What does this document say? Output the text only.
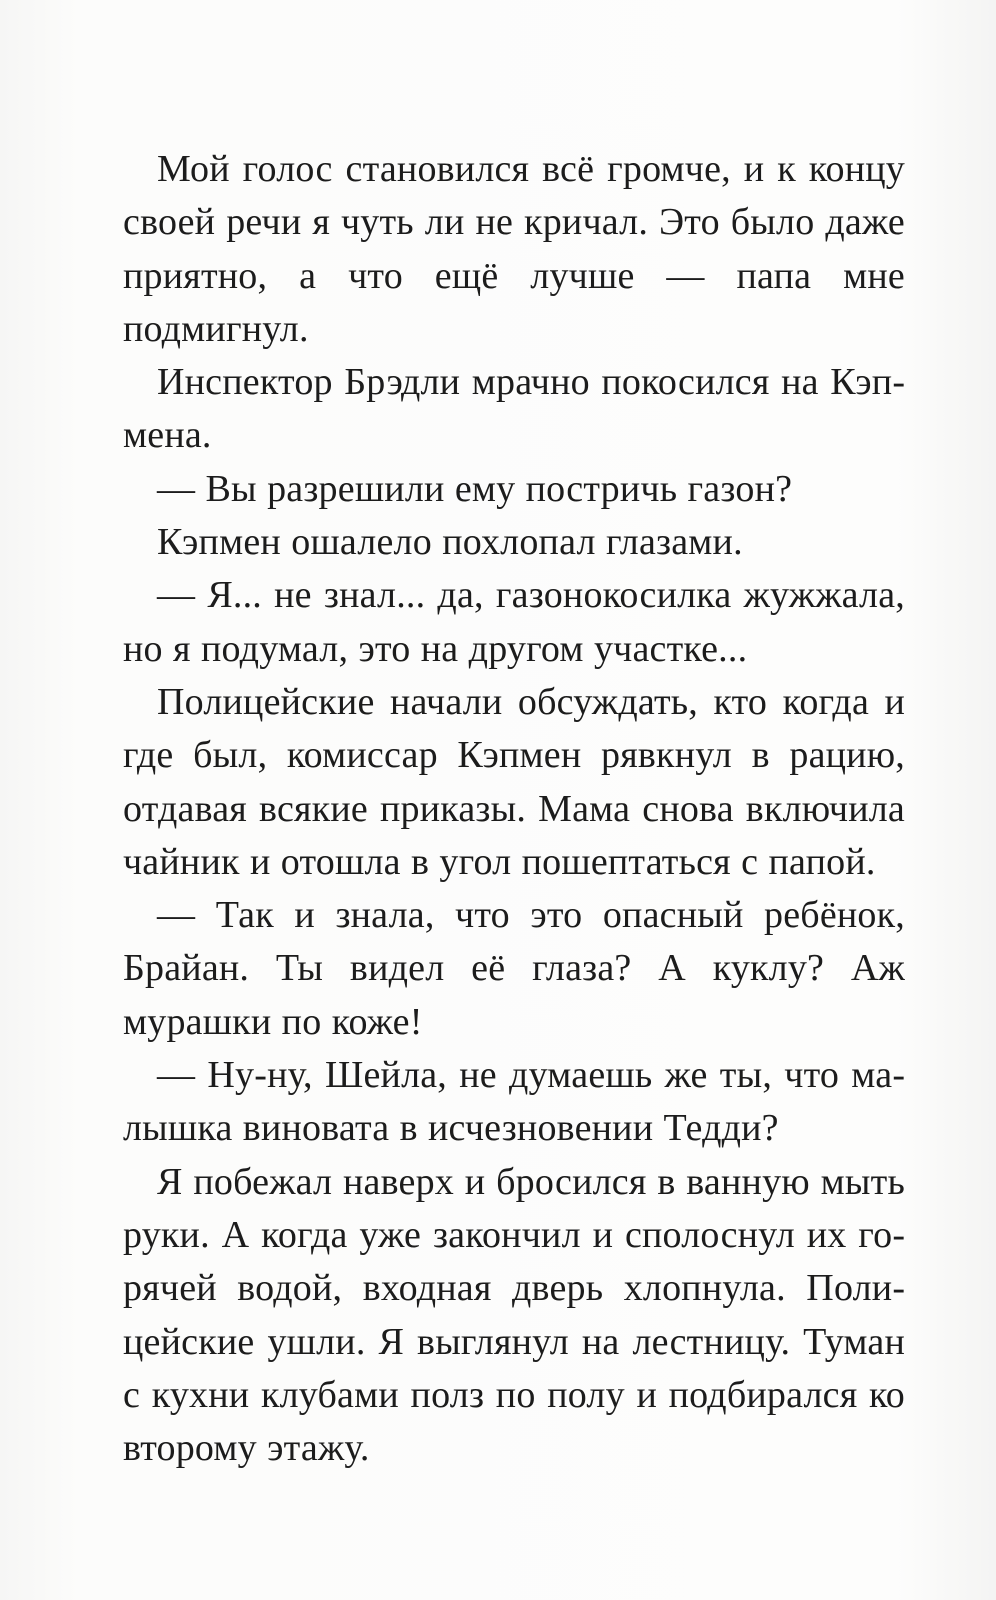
Мой голос становился всё громче, и к концу своей речи я чуть ли не кричал. Это было даже приятно, а что ещё лучше — папа мне подмигнул.

Инспектор Брэдли мрачно покосился на Кэпмена.

— Вы разрешили ему постричь газон?

Кэпмен ошалело похлопал глазами.

— Я... не знал... да, газонокосилка жужжала, но я подумал, это на другом участке...

Полицейские начали обсуждать, кто когда и где был, комиссар Кэпмен рявкнул в рацию, отдавая всякие приказы. Мама снова включила чайник и отошла в угол пошептаться с папой.

— Так и знала, что это опасный ребёнок, Брайан. Ты видел её глаза? А куклу? Аж мурашки по коже!

— Ну-ну, Шейла, не думаешь же ты, что малышка виновата в исчезновении Тедди?

Я побежал наверх и бросился в ванную мыть руки. А когда уже закончил и сполоснул их горячей водой, входная дверь хлопнула. Полицейские ушли. Я выглянул на лестницу. Туман с кухни клубами полз по полу и подбирался ко второму этажу.
